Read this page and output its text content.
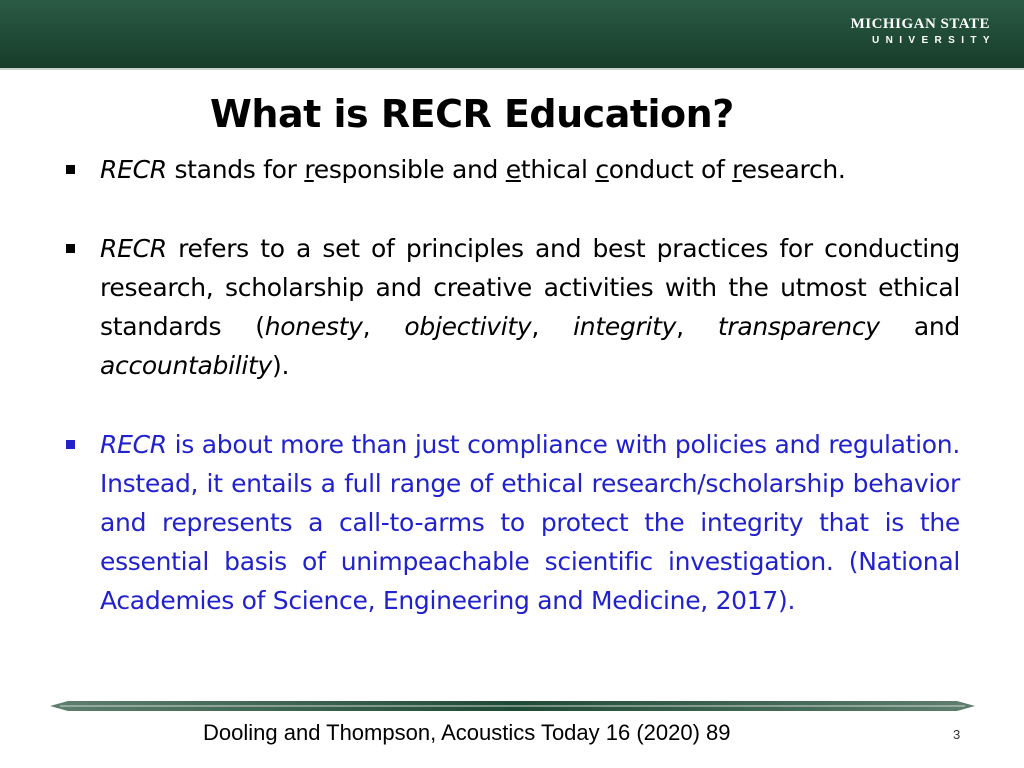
MICHIGAN STATE
UNIVERSITY
What is RECR Education?
RECR stands for responsible and ethical conduct of research.
RECR refers to a set of principles and best practices for conducting research, scholarship and creative activities with the utmost ethical standards (honesty, objectivity, integrity, transparency and accountability).
RECR is about more than just compliance with policies and regulation. Instead, it entails a full range of ethical research/scholarship behavior and represents a call-to-arms to protect the integrity that is the essential basis of unimpeachable scientific investigation. (National Academies of Science, Engineering and Medicine, 2017).
Dooling and Thompson, Acoustics Today 16 (2020) 89	3
